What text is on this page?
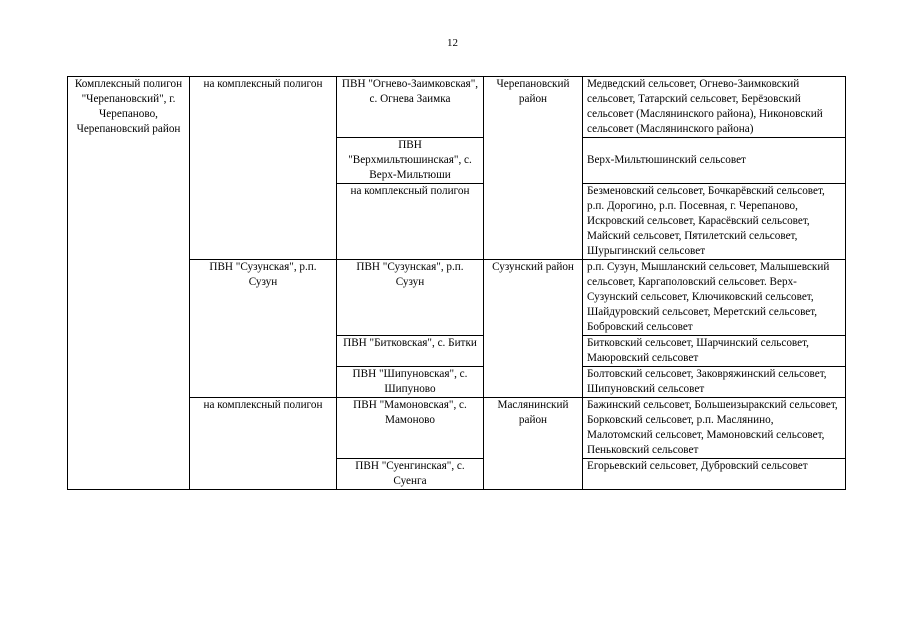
12
Комплексный полигон "Черепановский", г. Черепаново, Черепановский район	на комплексный полигон	ПВН "Огнево-Заимковская", с. Огнева Заимка	Черепановский район	Медведский сельсовет, Огнево-Заимковский сельсовет, Татарский сельсовет, Берёзовский сельсовет (Маслянинского района), Никоновский сельсовет (Маслянинского района)
		ПВН "Верхмильтюшинская", с. Верх-Мильтюши		Верх-Мильтюшинский сельсовет
		на комплексный полигон		Безменовский сельсовет, Бочкарёвский сельсовет, р.п. Дорогино, р.п. Посевная, г. Черепаново, Искровский сельсовет, Карасёвский сельсовет, Майский сельсовет, Пятилетский сельсовет, Шурыгинский сельсовет
	ПВН "Сузунская", р.п. Сузун	ПВН "Сузунская", р.п. Сузун	Сузунский район	р.п. Сузун, Мышланский сельсовет, Малышевский сельсовет, Каргаполовский сельсовет. Верх-Сузунский сельсовет, Ключиковский сельсовет, Шайдуровский сельсовет, Меретский сельсовет, Бобровский сельсовет
		ПВН "Битковская", с. Битки		Битковский сельсовет, Шарчинский сельсовет, Маюровский сельсовет
		ПВН "Шипуновская", с. Шипуново		Болтовский сельсовет, Заковряжинский сельсовет, Шипуновский сельсовет
	на комплексный полигон	ПВН "Мамоновская", с. Мамоново	Маслянинский район	Бажинский сельсовет, Большеизыракский сельсовет, Борковский сельсовет, р.п. Маслянино, Малотомский сельсовет, Мамоновский сельсовет, Пеньковский сельсовет
		ПВН "Суенгинская", с. Суенга		Егорьевский сельсовет, Дубровский сельсовет
